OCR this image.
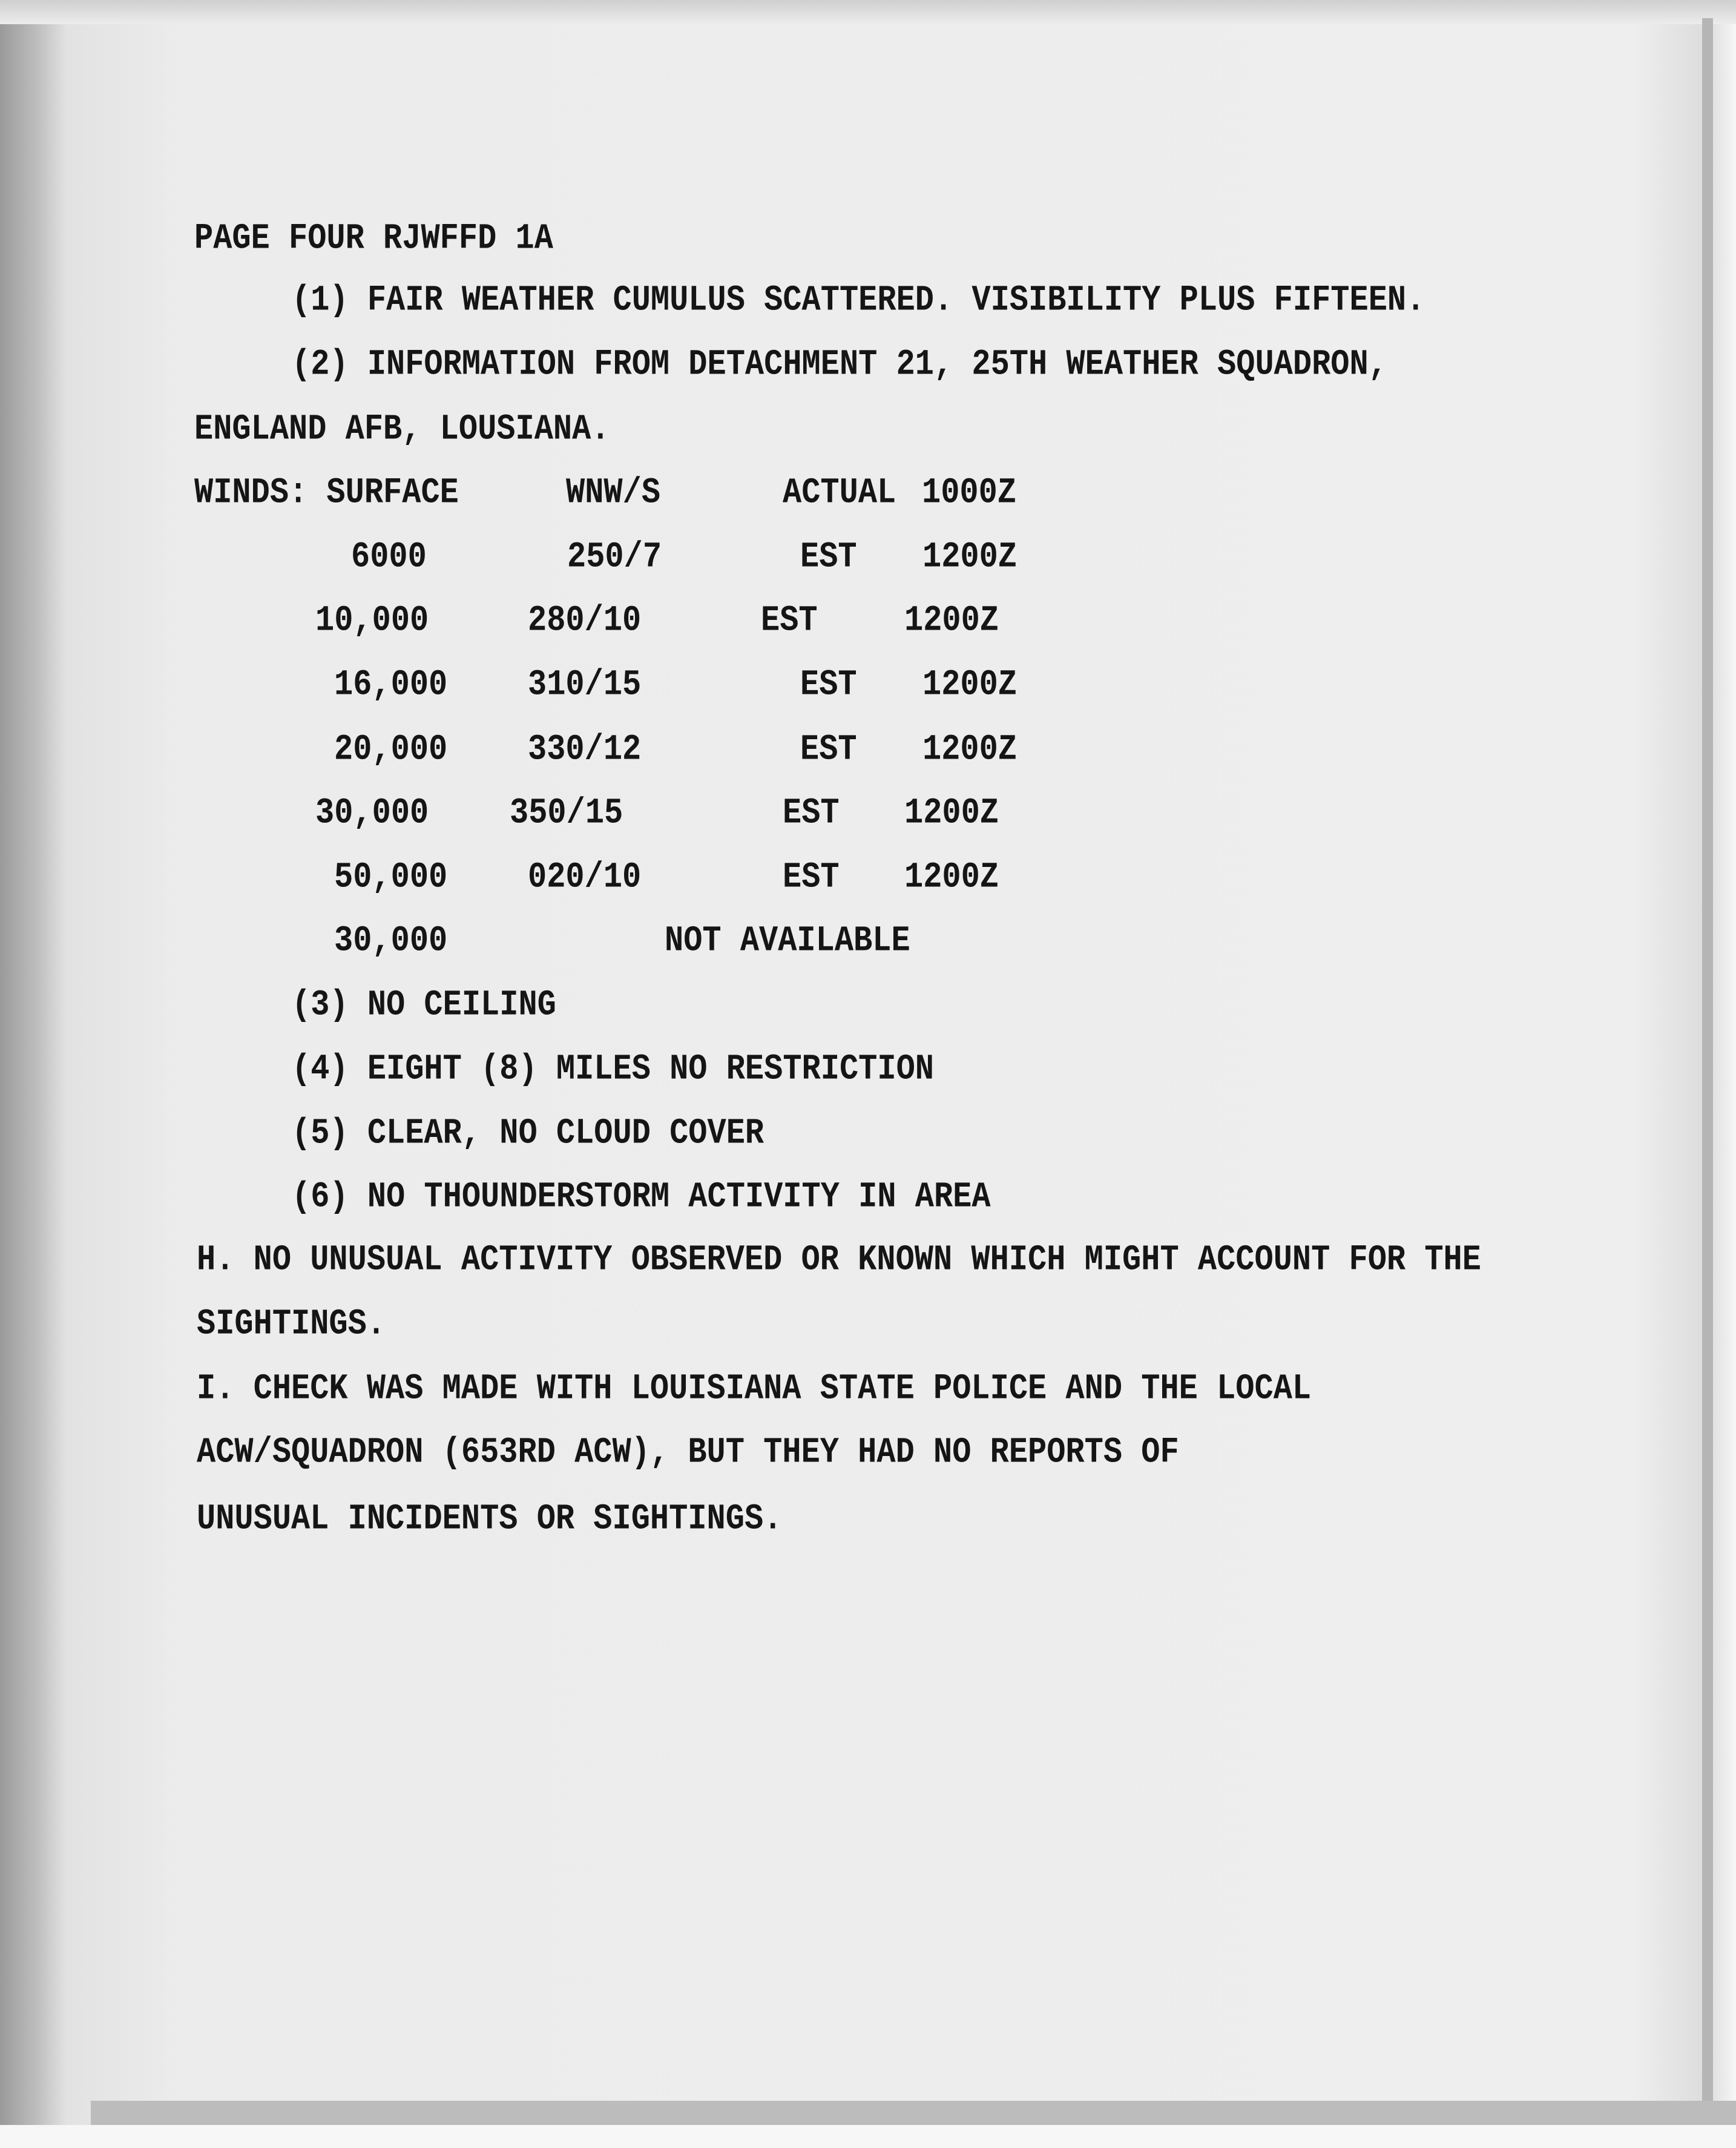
PAGE FOUR RJWFFD 1A
(1) FAIR WEATHER CUMULUS SCATTERED. VISIBILITY PLUS FIFTEEN.
(2) INFORMATION FROM DETACHMENT 21, 25TH WEATHER SQUADRON,
ENGLAND AFB, LOUSIANA.
WINDS: SURFACE	WNW/S	ACTUAL 1000Z
6000	250/7	EST 1200Z
10,000	280/10	EST	1200Z
16,000	310/15	EST 1200Z
20,000	330/12	EST 1200Z
30,000	350/15	EST 1200Z
50,000	020/10	EST 1200Z
30,000	NOT AVAILABLE
(3) NO CEILING
(4) EIGHT (8) MILES NO RESTRICTION
(5) CLEAR, NO CLOUD COVER
(6) NO THOUNDERSTORM ACTIVITY IN AREA
H. NO UNUSUAL ACTIVITY OBSERVED OR KNOWN WHICH MIGHT ACCOUNT FOR THE
SIGHTINGS.
I. CHECK WAS MADE WITH LOUISIANA STATE POLICE AND THE LOCAL
ACW/SQUADRON (653RD ACW), BUT THEY HAD NO REPORTS OF
UNUSUAL INCIDENTS OR SIGHTINGS.
